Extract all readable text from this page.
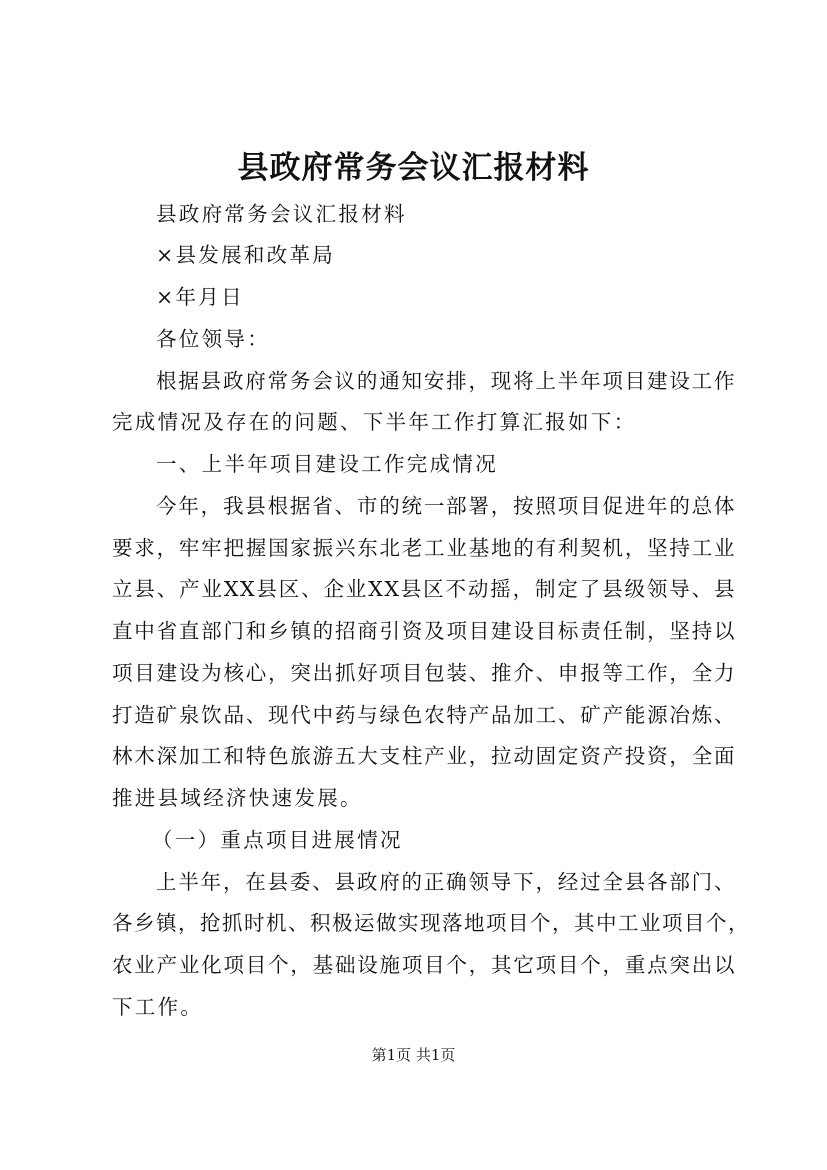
县政府常务会议汇报材料
县政府常务会议汇报材料
×县发展和改革局
×年月日
各位领导：
根据县政府常务会议的通知安排，现将上半年项目建设工作
完成情况及存在的问题、下半年工作打算汇报如下：
一、上半年项目建设工作完成情况
今年，我县根据省、市的统一部署，按照项目促进年的总体
要求，牢牢把握国家振兴东北老工业基地的有利契机，坚持工业
立县、产业XX县区、企业XX县区不动摇，制定了县级领导、县
直中省直部门和乡镇的招商引资及项目建设目标责任制，坚持以
项目建设为核心，突出抓好项目包装、推介、申报等工作，全力
打造矿泉饮品、现代中药与绿色农特产品加工、矿产能源冶炼、
林木深加工和特色旅游五大支柱产业，拉动固定资产投资，全面
推进县域经济快速发展。
（一）重点项目进展情况
上半年，在县委、县政府的正确领导下，经过全县各部门、
各乡镇，抢抓时机、积极运做实现落地项目个，其中工业项目个，
农业产业化项目个，基础设施项目个，其它项目个，重点突出以
下工作。
第1页 共1页
